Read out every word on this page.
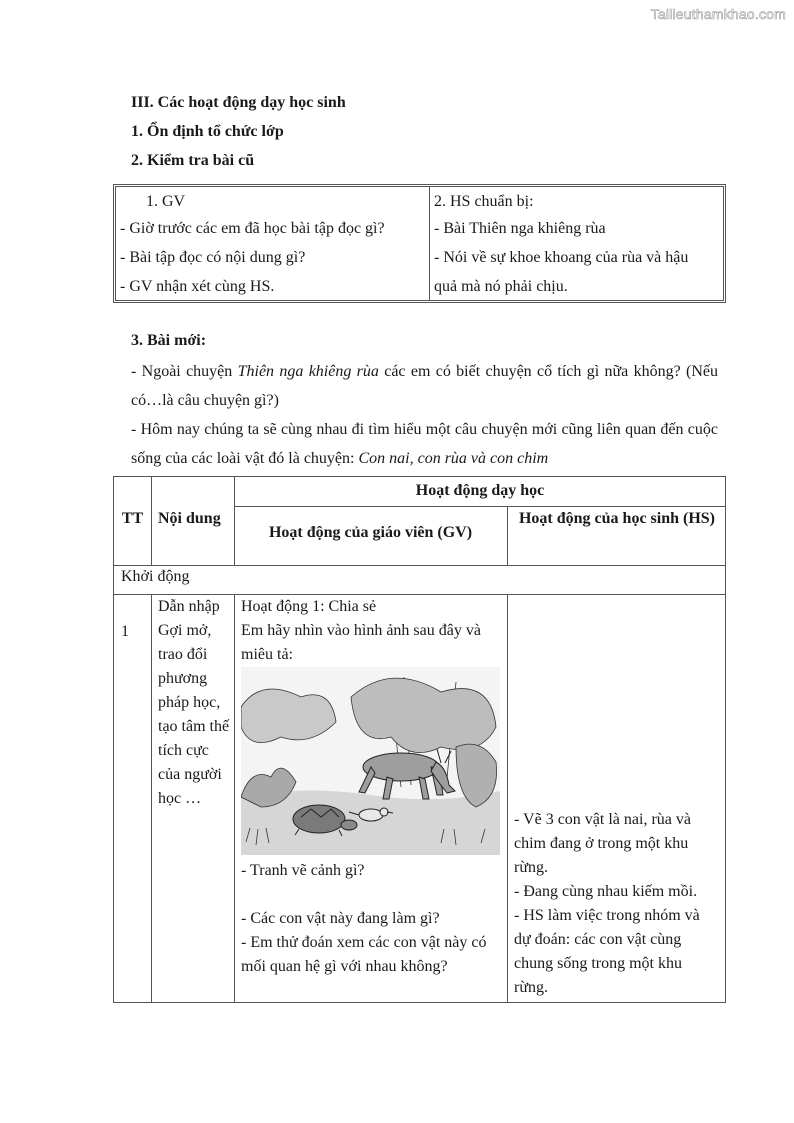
Tailieuthamkhao.com
III. Các hoạt động dạy học sinh
1. Ổn định tổ chức lớp
2. Kiểm tra bài cũ
1. GV
- Giờ trước các em đã học bài tập đọc gì?
- Bài tập đọc có nội dung gì?
- GV nhận xét cùng HS.
2. HS chuẩn bị:
- Bài Thiên nga khiêng rùa
- Nói về sự khoe khoang của rùa và hậu
quả mà nó phải chịu.
3. Bài mới:
- Ngoài chuyện Thiên nga khiêng rùa các em có biết chuyện cổ tích gì nữa không? (Nếu có…là câu chuyện gì?)
- Hôm nay chúng ta sẽ cùng nhau đi tìm hiểu một câu chuyện mới cũng liên quan đến cuộc sống của các loài vật đó là chuyện: Con nai, con rùa và con chim
TT Nội dung
Hoạt động dạy học
Hoạt động của giáo viên (GV)
Hoạt động của học sinh (HS)
Khởi động
1
Dẫn nhập Gợi mở, trao đổi phương pháp học, tạo tâm thế tích cực của người học …
Hoạt động 1: Chia sẻ
Em hãy nhìn vào hình ảnh sau đây và miêu tả:
- Tranh vẽ cảnh gì?
- Các con vật này đang làm gì?
- Em thử đoán xem các con vật này có mối quan hệ gì với nhau không?
- Vẽ 3 con vật là nai, rùa và chim đang ở trong một khu rừng.
- Đang cùng nhau kiếm mồi.
- HS làm việc trong nhóm và dự đoán: các con vật cùng chung sống trong một khu rừng.
